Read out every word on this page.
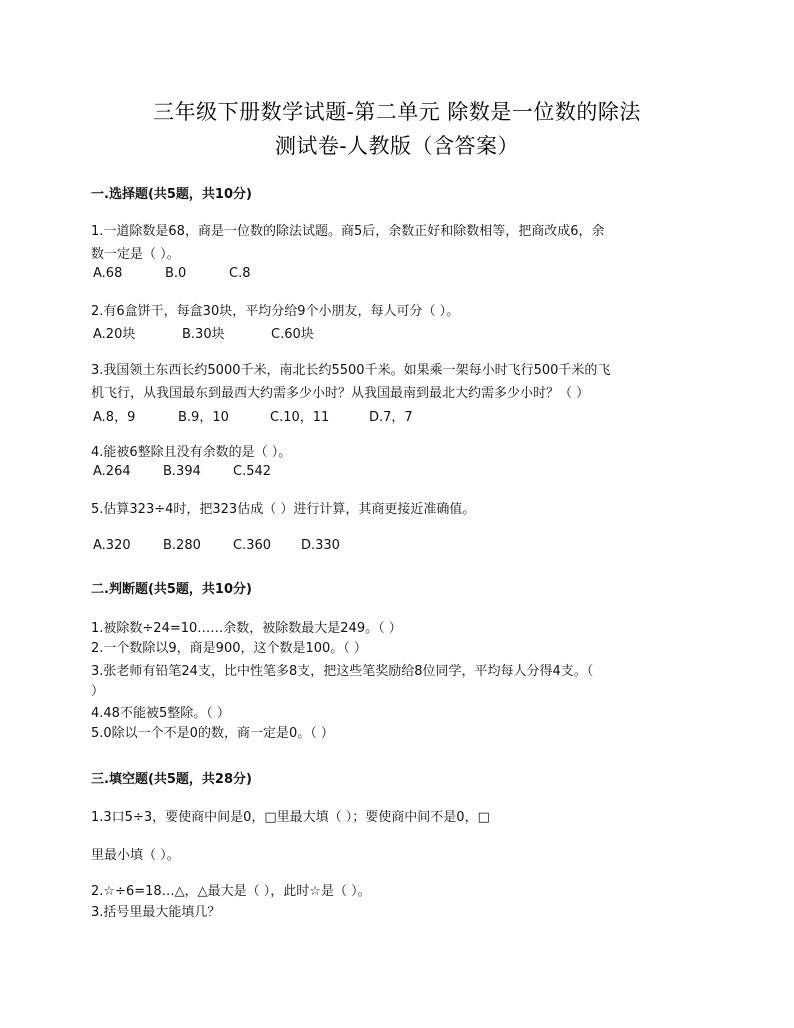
三年级下册数学试题-第二单元 除数是一位数的除法
测试卷-人教版（含答案）
一.选择题(共5题，共10分)
1.一道除数是68，商是一位数的除法试题。商5后，余数正好和除数相等，把商改成6，余
数一定是（ ）。
A.68	B.0	C.8
2.有6盒饼干，每盒30块，平均分给9个小朋友，每人可分（ ）。
A.20块	B.30块	C.60块
3.我国领土东西长约5000千米，南北长约5500千米。如果乘一架每小时飞行500千米的飞
机飞行，从我国最东到最西大约需多少小时？从我国最南到最北大约需多少小时？（ ）
A.8，9	B.9，10	C.10，11	D.7，7
4.能被6整除且没有余数的是（ ）。
A.264 B.394 C.542
5.估算323÷4时，把323估成（ ）进行计算，其商更接近准确值。
A.320 B.280 C.360 D.330
二.判断题(共5题，共10分)
1.被除数÷24=10……余数，被除数最大是249。（ ）
2.一个数除以9，商是900，这个数是100。（ ）
3.张老师有铅笔24支，比中性笔多8支，把这些笔奖励给8位同学，平均每人分得4支。（
）
4.48不能被5整除。（ ）
5.0除以一个不是0的数，商一定是0。（ ）
三.填空题(共5题，共28分)
1.3口5÷3，要使商中间是0，□里最大填（ ）；要使商中间不是0，□
里最小填（ ）。
2.☆÷6=18…△，△最大是（ ），此时☆是（ ）。
3.括号里最大能填几？
